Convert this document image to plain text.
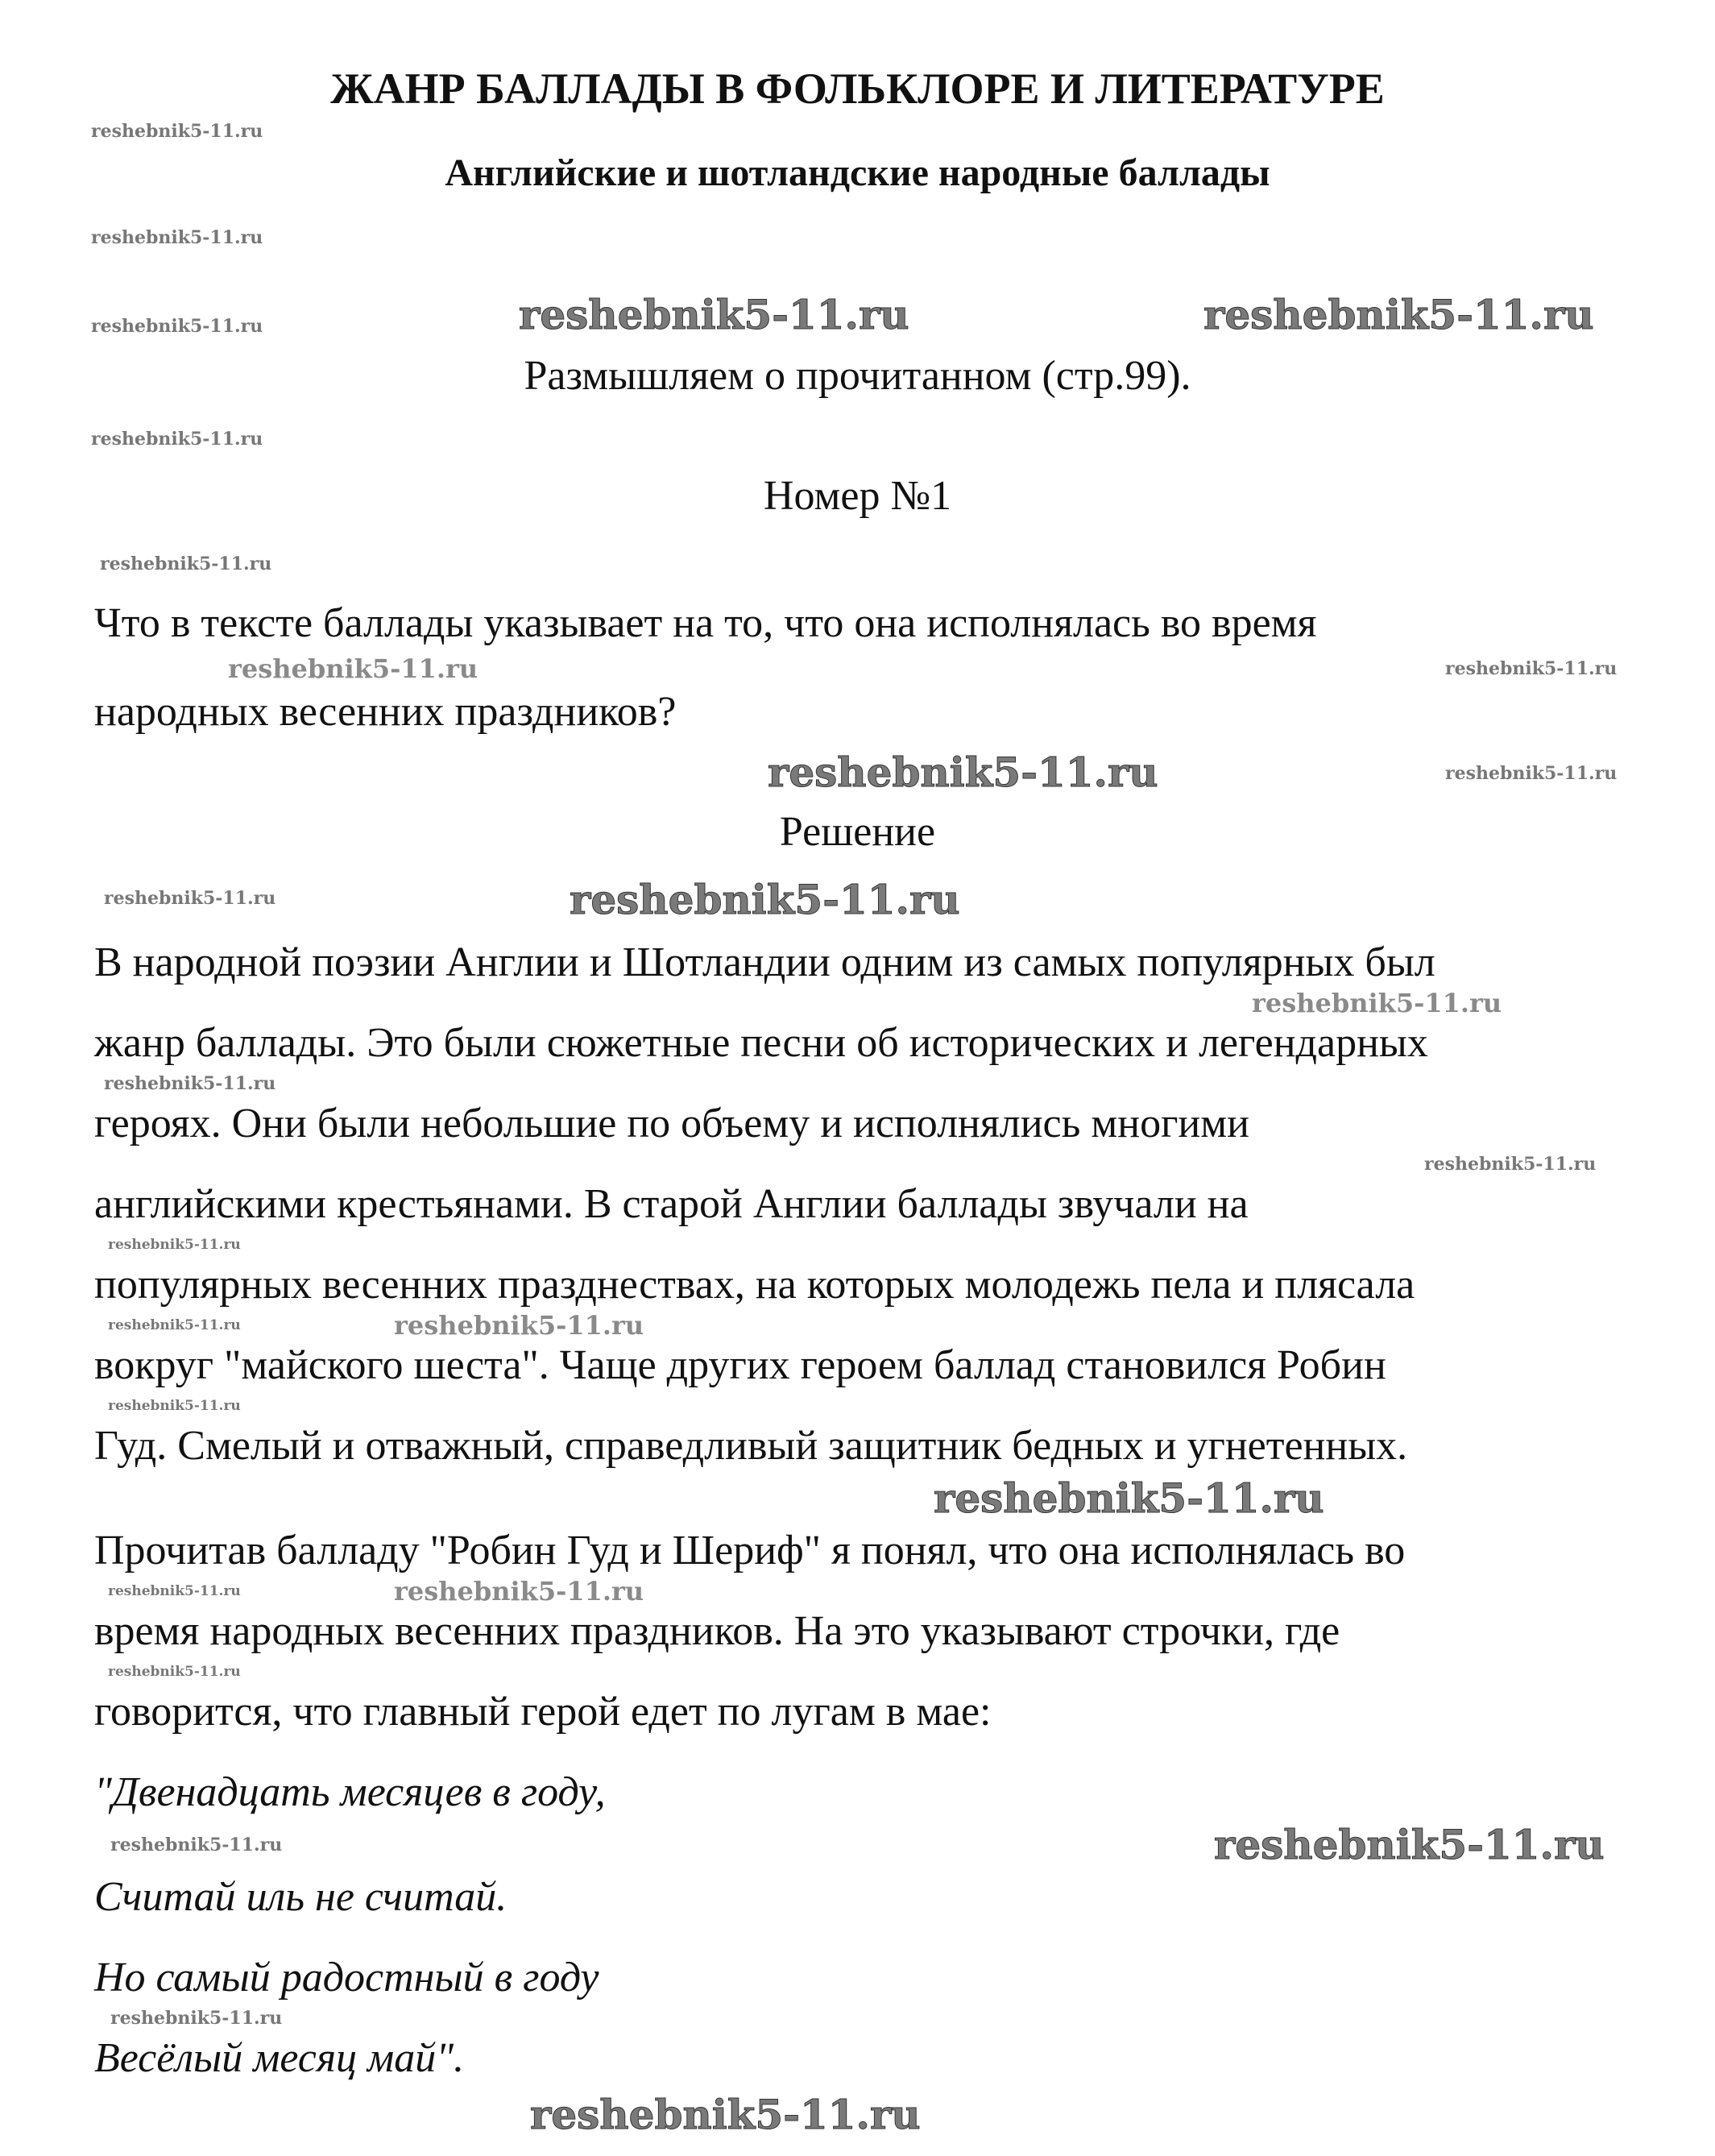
ЖАНР БАЛЛАДЫ В ФОЛЬКЛОРЕ И ЛИТЕРАТУРЕ
Английские и шотландские народные баллады
Размышляем о прочитанном (стр.99).
Номер №1
Что в тексте баллады указывает на то, что она исполнялась во время
народных весенних праздников?
Решение
В народной поэзии Англии и Шотландии одним из самых популярных был
жанр баллады. Это были сюжетные песни об исторических и легендарных
героях. Они были небольшие по объему и исполнялись многими
английскими крестьянами. В старой Англии баллады звучали на
популярных весенних празднествах, на которых молодежь пела и плясала
вокруг "майского шеста". Чаще других героем баллад становился Робин
Гуд. Смелый и отважный, справедливый защитник бедных и угнетенных.
Прочитав балладу "Робин Гуд и Шериф" я понял, что она исполнялась во
время народных весенних праздников. На это указывают строчки, где
говорится, что главный герой едет по лугам в мае:
"Двенадцать месяцев в году,
Считай иль не считай.
Но самый радостный в году
Весёлый месяц май".
reshebnik5-11.ru
reshebnik5-11.ru
reshebnik5-11.ru	reshebnik5-11.ru
reshebnik5-11.ru
reshebnik5-11.ru
reshebnik5-11.ru
reshebnik5-11.ru	reshebnik5-11.ru
reshebnik5-11.ru	reshebnik5-11.ru
reshebnik5-11.ru
reshebnik5-11.ru
reshebnik5-11.ru
reshebnik5-11.ru
reshebnik5-11.ru
reshebnik5-11.ru
reshebnik5-11.ru	reshebnik5-11.ru
reshebnik5-11.ru
reshebnik5-11.ru
reshebnik5-11.ru	reshebnik5-11.ru
reshebnik5-11.ru
reshebnik5-11.ru
reshebnik5-11.ru
reshebnik5-11.ru
reshebnik5-11.ru
